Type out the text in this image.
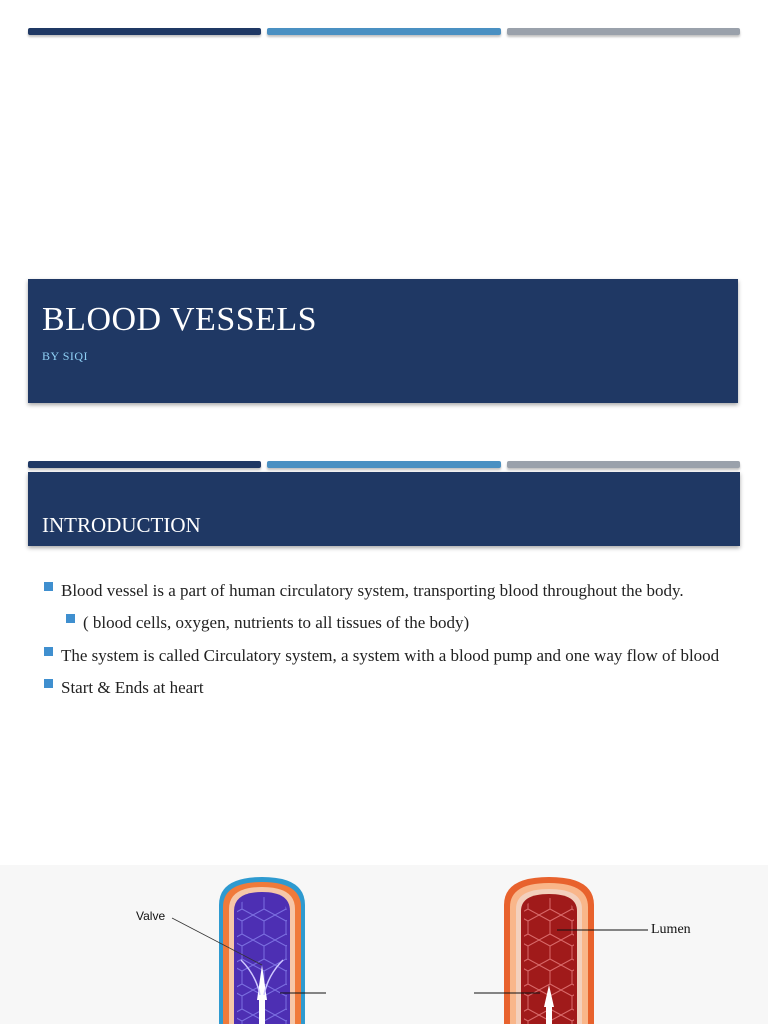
BLOOD VESSELS
BY SIQI
INTRODUCTION
Blood vessel is a part of human circulatory system, transporting blood throughout the body.
( blood cells, oxygen, nutrients to all tissues of the body)
The system is called Circulatory system, a system with a blood pump and one way flow of blood
Start & Ends at heart
Valve
Lumen
